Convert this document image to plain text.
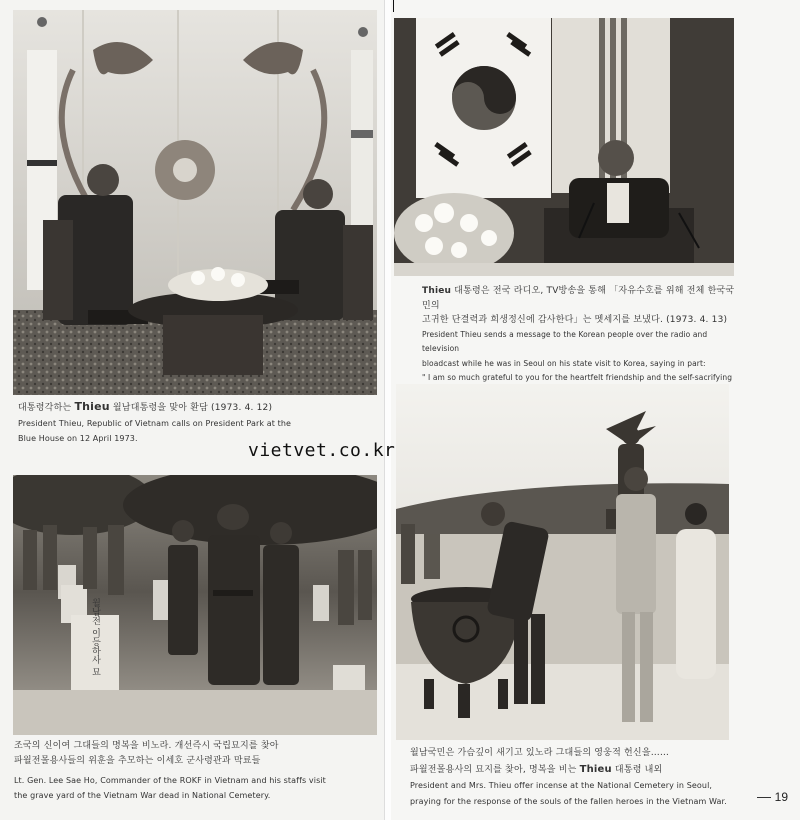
대통령각하는 Thieu 월남대통령을 맞아 환담 (1973. 4. 12)
President Thieu, Republic of Vietnam calls on President Park at the
Blue House on 12 April 1973.
vietvet.co.kr
월남전 이등하사 묘
조국의 신이여 그대들의 명복을 비노라. 개선즉시 국립묘지를 찾아
파월전몰용사들의 위훈을 추모하는 이세호 군사령관과 막료들
Lt. Gen. Lee Sae Ho, Commander of the ROKF in Vietnam and his staffs visit
the grave yard of the Vietnam War dead in National Cemetery.
Thieu 대통령은 전국 라디오, TV방송을 통해 「자유수호를 위해 전체 한국국민의
고귀한 단결력과 희생정신에 감사한다」는 멧세지를 보냈다. (1973. 4. 13)
President Thieu sends a message to the Korean people over the radio and television
bloadcast while he was in Seoul on his state visit to Korea, saying in part:
" I am so much grateful to you for the heartfelt friendship and the self-sacrifying
월남국민은 가슴깊이 새기고 있노라 그대들의 영웅적 헌신을……
파월전몰용사의 묘지를 찾아, 명복을 비는 Thieu 대통령 내외
President and Mrs. Thieu offer incense at the National Cemetery in Seoul,
praying for the response of the souls of the fallen heroes in the Vietnam War.	19
